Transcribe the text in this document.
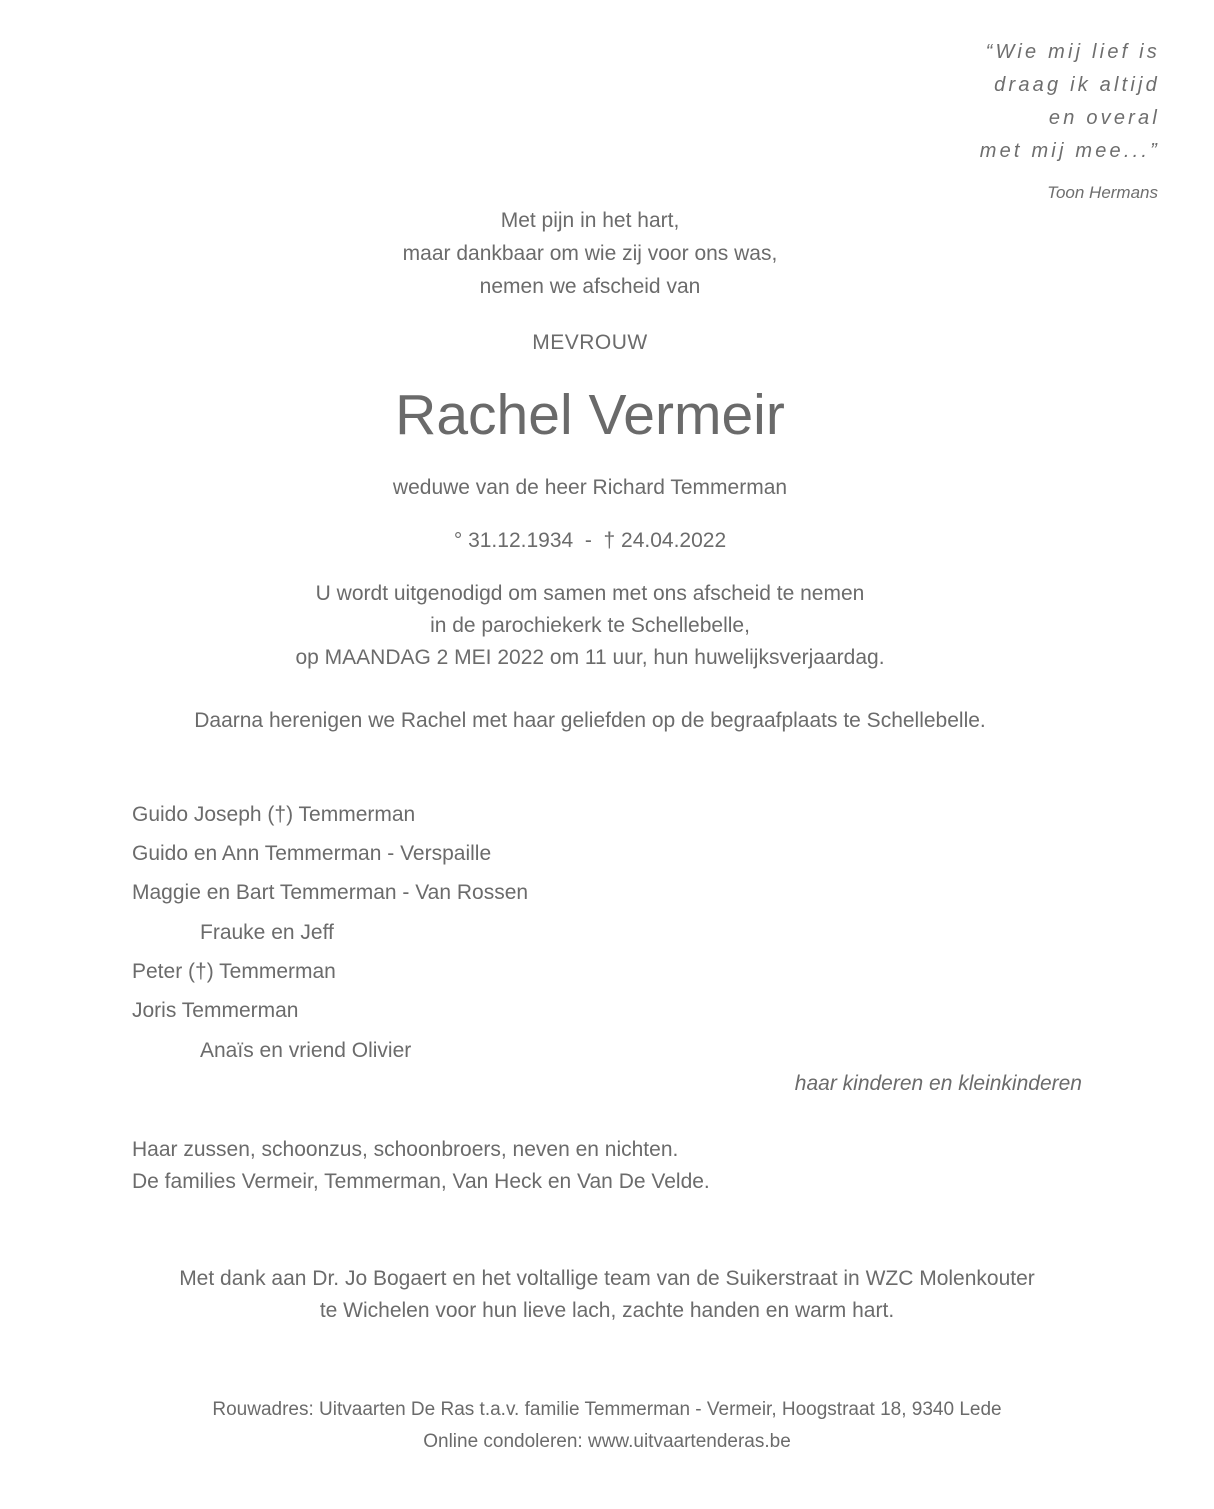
“Wie mij lief is
draag ik altijd
en overal
met mij mee...”
Toon Hermans
Met pijn in het hart,
maar dankbaar om wie zij voor ons was,
nemen we afscheid van
MEVROUW
Rachel Vermeir
weduwe van de heer Richard Temmerman
° 31.12.1934  -  † 24.04.2022
U wordt uitgenodigd om samen met ons afscheid te nemen
in de parochiekerk te Schellebelle,
op MAANDAG 2 MEI 2022 om 11 uur, hun huwelijksverjaardag.
Daarna herenigen we Rachel met haar geliefden op de begraafplaats te Schellebelle.
Guido Joseph (†) Temmerman
Guido en Ann Temmerman - Verspaille
Maggie en Bart Temmerman - Van Rossen
Frauke en Jeff
Peter (†) Temmerman
Joris Temmerman
Anaïs en vriend Olivier
haar kinderen en kleinkinderen
Haar zussen, schoonzus, schoonbroers, neven en nichten.
De families Vermeir, Temmerman, Van Heck en Van De Velde.
Met dank aan Dr. Jo Bogaert en het voltallige team van de Suikerstraat in WZC Molenkouter
te Wichelen voor hun lieve lach, zachte handen en warm hart.
Rouwadres: Uitvaarten De Ras t.a.v. familie Temmerman - Vermeir, Hoogstraat 18, 9340 Lede
Online condoleren: www.uitvaartenderas.be
